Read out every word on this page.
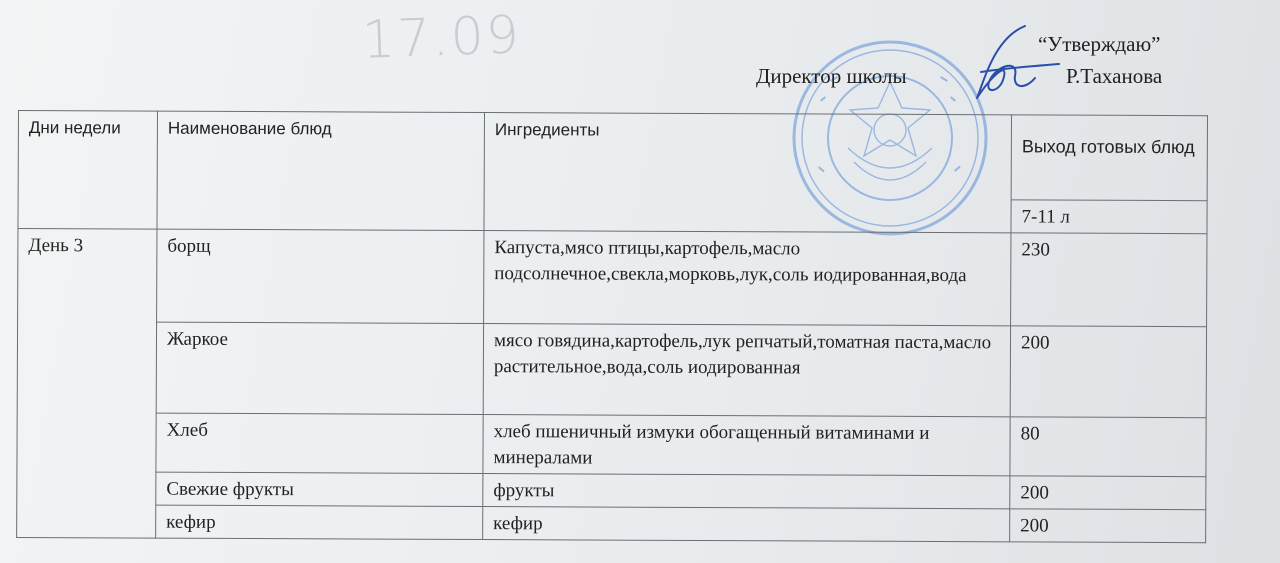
17.09	“Утверждаю”
Директор школы	Р.Таханова
Дни недели	Наименование блюд	Ингредиенты	Выход готовых блюд
			7-11 л
День 3	борщ	Капуста,мясо птицы,картофель,масло подсолнечное,свекла,морковь,лук,соль иодированная,вода	230
	Жаркое	мясо говядина,картофель,лук репчатый,томатная паста,масло растительное,вода,соль иодированная	200
	Хлеб	хлеб пшеничный измуки обогащенный витаминами и минералами	80
	Свежие фрукты	фрукты	200
	кефир	кефир	200
